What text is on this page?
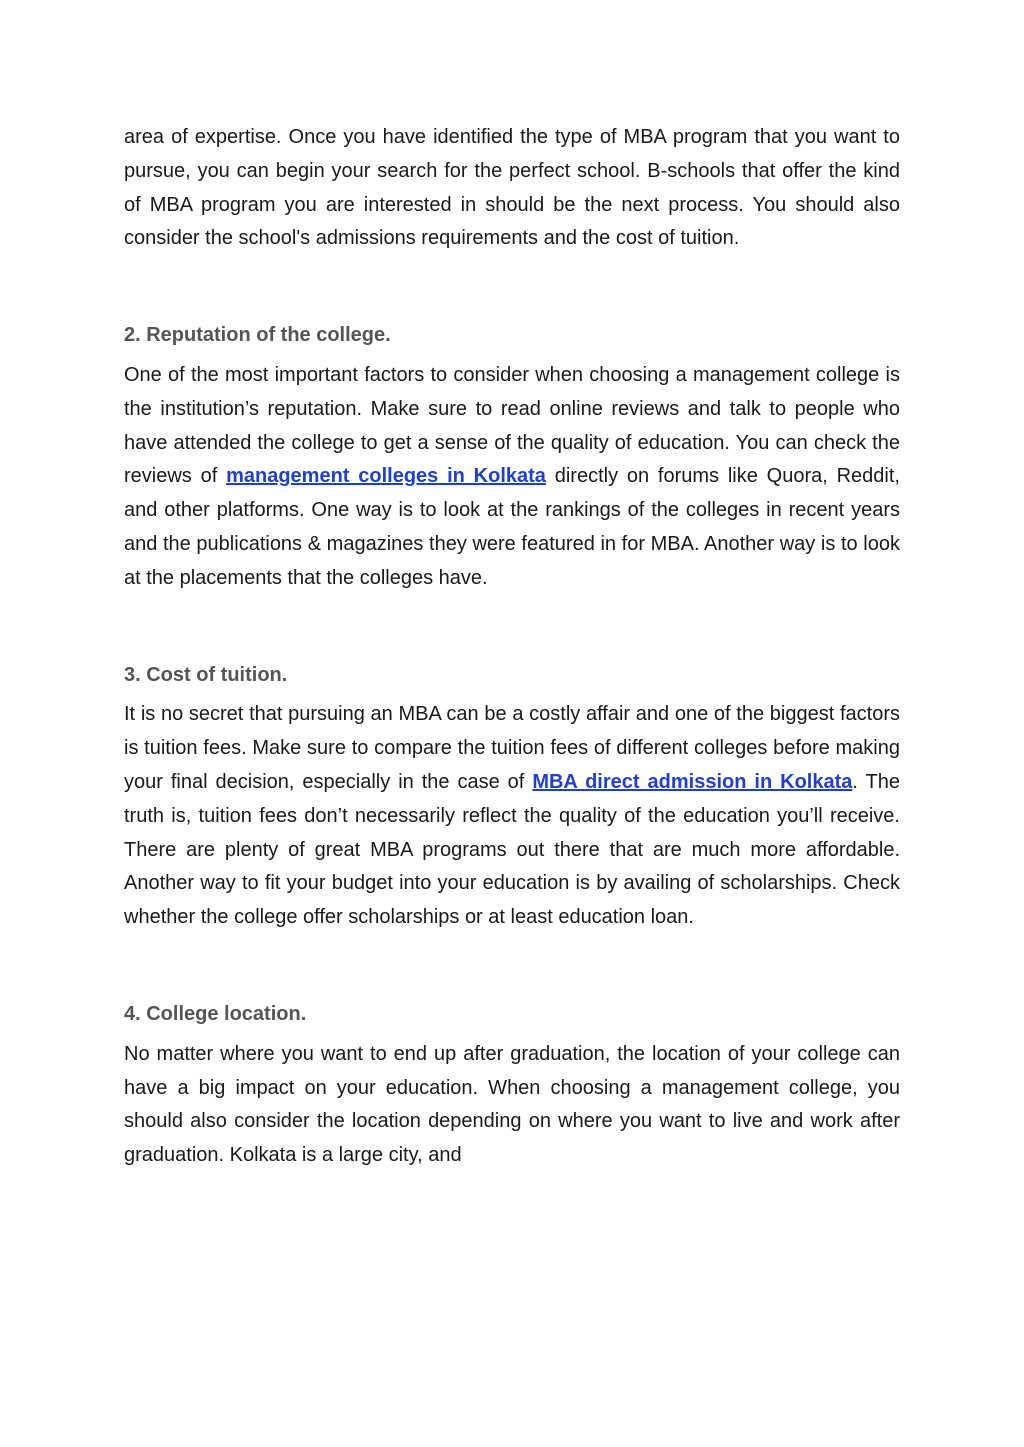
area of expertise. Once you have identified the type of MBA program that you want to pursue, you can begin your search for the perfect school. B-schools that offer the kind of MBA program you are interested in should be the next process. You should also consider the school's admissions requirements and the cost of tuition.

2. Reputation of the college.

One of the most important factors to consider when choosing a management college is the institution’s reputation. Make sure to read online reviews and talk to people who have attended the college to get a sense of the quality of education. You can check the reviews of management colleges in Kolkata directly on forums like Quora, Reddit, and other platforms. One way is to look at the rankings of the colleges in recent years and the publications & magazines they were featured in for MBA. Another way is to look at the placements that the colleges have.

3. Cost of tuition.

It is no secret that pursuing an MBA can be a costly affair and one of the biggest factors is tuition fees. Make sure to compare the tuition fees of different colleges before making your final decision, especially in the case of MBA direct admission in Kolkata. The truth is, tuition fees don’t necessarily reflect the quality of the education you’ll receive. There are plenty of great MBA programs out there that are much more affordable. Another way to fit your budget into your education is by availing of scholarships. Check whether the college offer scholarships or at least education loan.

4. College location.

No matter where you want to end up after graduation, the location of your college can have a big impact on your education. When choosing a management college, you should also consider the location depending on where you want to live and work after graduation. Kolkata is a large city, and
